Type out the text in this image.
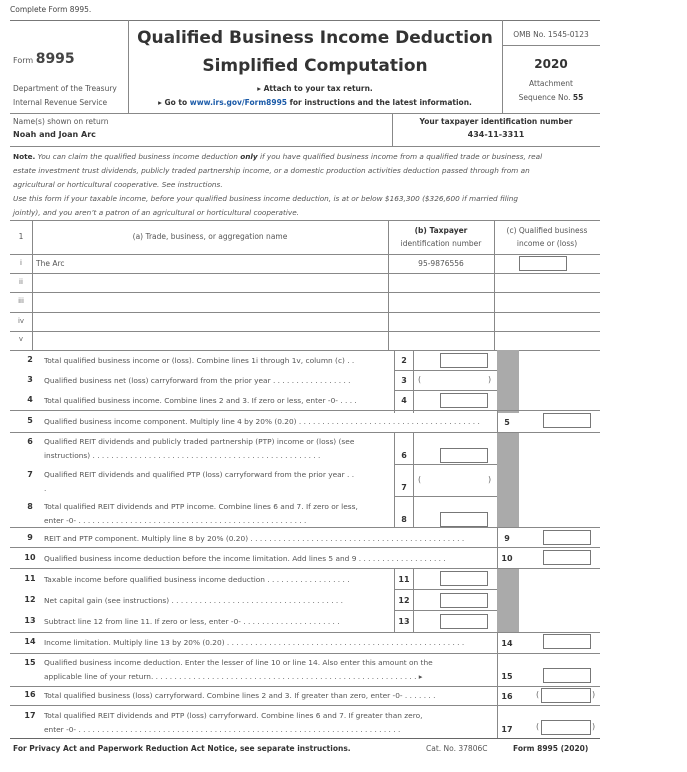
Complete Form 8995.
Form 8995
Department of the Treasury
Internal Revenue Service
Qualified Business Income Deduction
Simplified Computation
▸ Attach to your tax return.
▸ Go to www.irs.gov/Form8995 for instructions and the latest information.
OMB No. 1545-0123
2020
Attachment
Sequence No. 55
Name(s) shown on return
Noah and Joan Arc
Your taxpayer identification number
434-11-3311
Note. You can claim the qualified business income deduction only if you have qualified business income from a qualified trade or business, real
estate investment trust dividends, publicly traded partnership income, or a domestic production activities deduction passed through from an
agricultural or horticultural cooperative. See instructions.
Use this form if your taxable income, before your qualified business income deduction, is at or below $163,300 ($326,600 if married filing
jointly), and you aren’t a patron of an agricultural or horticultural cooperative.
1	(a) Trade, business, or aggregation name
(b) Taxpayer
identification number
(c) Qualified business
income or (loss)
i	The Arc	95-9876556
ii
iii
iv
v
2	Total qualified business income or (loss). Combine lines 1i through 1v, column (c) . .	2
3	Qualified business net (loss) carryforward from the prior year . . . . . . . . . . . . . . . . .	3	(	)
4	Total qualified business income. Combine lines 2 and 3. If zero or less, enter -0- . . . .	4
5	Qualified business income component. Multiply line 4 by 20% (0.20) . . . . . . . . . . . . . . . . . . . . . . . . . . . . . . . . . . . . . . .	5
6	Qualified REIT dividends and publicly traded partnership (PTP) income or (loss) (see
instructions) . . . . . . . . . . . . . . . . . . . . . . . . . . . . . . . . . . . . . . . . . . . . . . . . .	6
7	Qualified REIT dividends and qualified PTP (loss) carryforward from the prior year . .
.	7
(	)
8	Total qualified REIT dividends and PTP income. Combine lines 6 and 7. If zero or less,
enter -0- . . . . . . . . . . . . . . . . . . . . . . . . . . . . . . . . . . . . . . . . . . . . . . . . .	8
9	REIT and PTP component. Multiply line 8 by 20% (0.20) . . . . . . . . . . . . . . . . . . . . . . . . . . . . . . . . . . . . . . . . . . . . . .	9
10	Qualified business income deduction before the income limitation. Add lines 5 and 9 . . . . . . . . . . . . . . . . . . .	10
11	Taxable income before qualified business income deduction . . . . . . . . . . . . . . . . . .	11
12	Net capital gain (see instructions) . . . . . . . . . . . . . . . . . . . . . . . . . . . . . . . . . . . . .	12
13	Subtract line 12 from line 11. If zero or less, enter -0- . . . . . . . . . . . . . . . . . . . . .	13
14	Income limitation. Multiply line 13 by 20% (0.20) . . . . . . . . . . . . . . . . . . . . . . . . . . . . . . . . . . . . . . . . . . . . . . . . . . .	14
15	Qualified business income deduction. Enter the lesser of line 10 or line 14. Also enter this amount on the
applicable line of your return. . . . . . . . . . . . . . . . . . . . . . . . . . . . . . . . . . . . . . . . . . . . . . . . . . . . . . . . . ▸	15
16	Total qualified business (loss) carryforward. Combine lines 2 and 3. If greater than zero, enter -0- . . . . . . .	16	(	)
17	Total qualified REIT dividends and PTP (loss) carryforward. Combine lines 6 and 7. If greater than zero,
enter -0- . . . . . . . . . . . . . . . . . . . . . . . . . . . . . . . . . . . . . . . . . . . . . . . . . . . . . . . . . . . . . . . . . . . . .	17	(	)
For Privacy Act and Paperwork Reduction Act Notice, see separate instructions.	Cat. No. 37806C	Form 8995 (2020)
